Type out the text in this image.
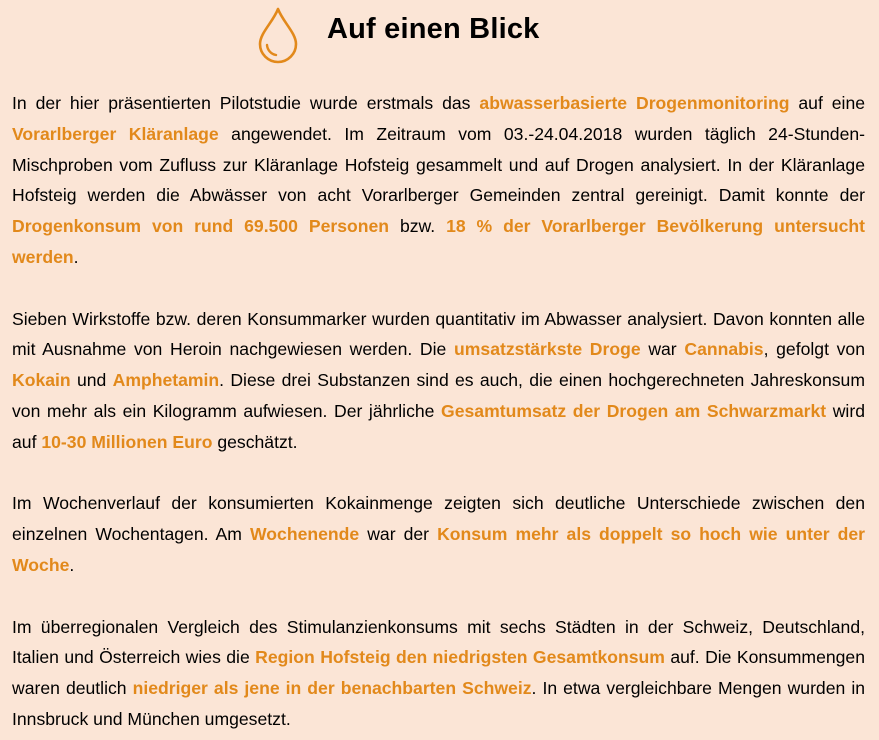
Auf einen Blick

In der hier präsentierten Pilotstudie wurde erstmals das abwasserbasierte Drogenmonitoring auf eine Vorarlberger Kläranlage angewendet. Im Zeitraum vom 03.-24.04.2018 wurden täglich 24-Stunden-Mischproben vom Zufluss zur Kläranlage Hofsteig gesammelt und auf Drogen analysiert. In der Kläranlage Hofsteig werden die Abwässer von acht Vorarlberger Gemeinden zentral gereinigt. Damit konnte der Drogenkonsum von rund 69.500 Personen bzw. 18 % der Vorarlberger Bevölkerung untersucht werden.

Sieben Wirkstoffe bzw. deren Konsummarker wurden quantitativ im Abwasser analysiert. Davon konnten alle mit Ausnahme von Heroin nachgewiesen werden. Die umsatzstärkste Droge war Cannabis, gefolgt von Kokain und Amphetamin. Diese drei Substanzen sind es auch, die einen hochgerechneten Jahreskonsum von mehr als ein Kilogramm aufwiesen. Der jährliche Gesamtumsatz der Drogen am Schwarzmarkt wird auf 10-30 Millionen Euro geschätzt.

Im Wochenverlauf der konsumierten Kokainmenge zeigten sich deutliche Unterschiede zwischen den einzelnen Wochentagen. Am Wochenende war der Konsum mehr als doppelt so hoch wie unter der Woche.

Im überregionalen Vergleich des Stimulanzienkonsums mit sechs Städten in der Schweiz, Deutschland, Italien und Österreich wies die Region Hofsteig den niedrigsten Gesamtkonsum auf. Die Konsummengen waren deutlich niedriger als jene in der benachbarten Schweiz. In etwa vergleichbare Mengen wurden in Innsbruck und München umgesetzt.
